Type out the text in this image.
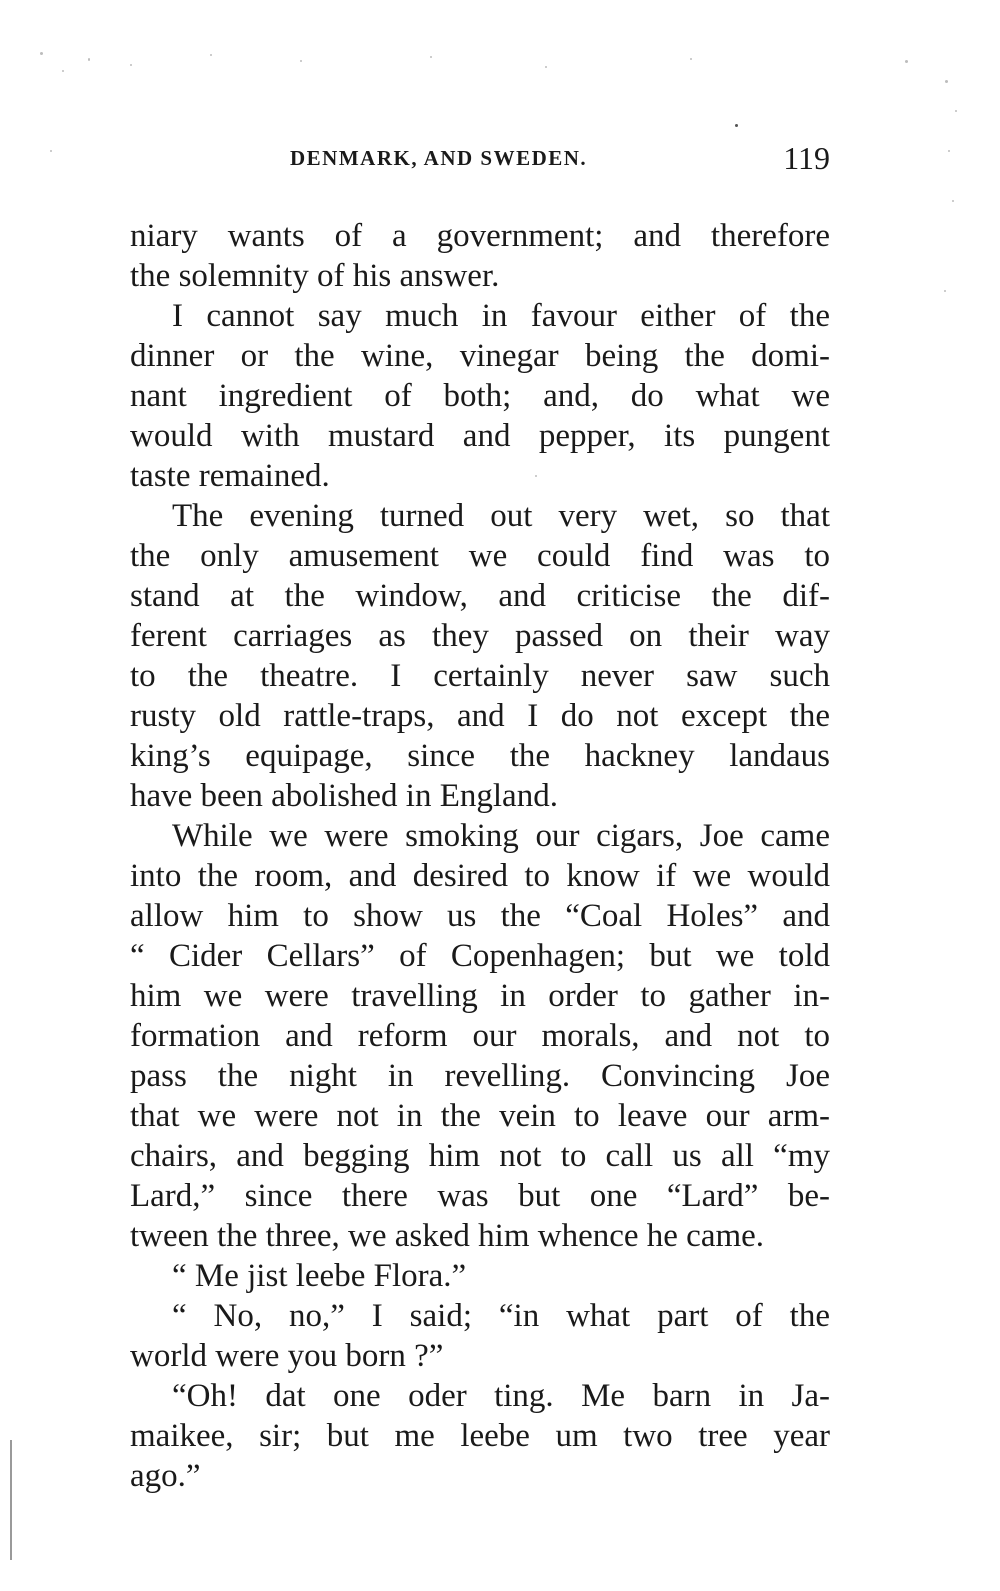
DENMARK, AND SWEDEN.	119
niary wants of a government; and therefore
the solemnity of his answer.
I cannot say much in favour either of the
dinner or the wine, vinegar being the domi-
nant ingredient of both; and, do what we
would with mustard and pepper, its pungent
taste remained.
The evening turned out very wet, so that
the only amusement we could find was to
stand at the window, and criticise the dif-
ferent carriages as they passed on their way
to the theatre. I certainly never saw such
rusty old rattle-traps, and I do not except the
king’s equipage, since the hackney landaus
have been abolished in England.
While we were smoking our cigars, Joe came
into the room, and desired to know if we would
allow him to show us the “Coal Holes” and
“ Cider Cellars” of Copenhagen; but we told
him we were travelling in order to gather in-
formation and reform our morals, and not to
pass the night in revelling. Convincing Joe
that we were not in the vein to leave our arm-
chairs, and begging him not to call us all “my
Lard,” since there was but one “Lard” be-
tween the three, we asked him whence he came.
“ Me jist leebe Flora.”
“ No, no,” I said; “in what part of the
world were you born ?”
“Oh! dat one oder ting. Me barn in Ja-
maikee, sir; but me leebe um two tree year
ago.”
